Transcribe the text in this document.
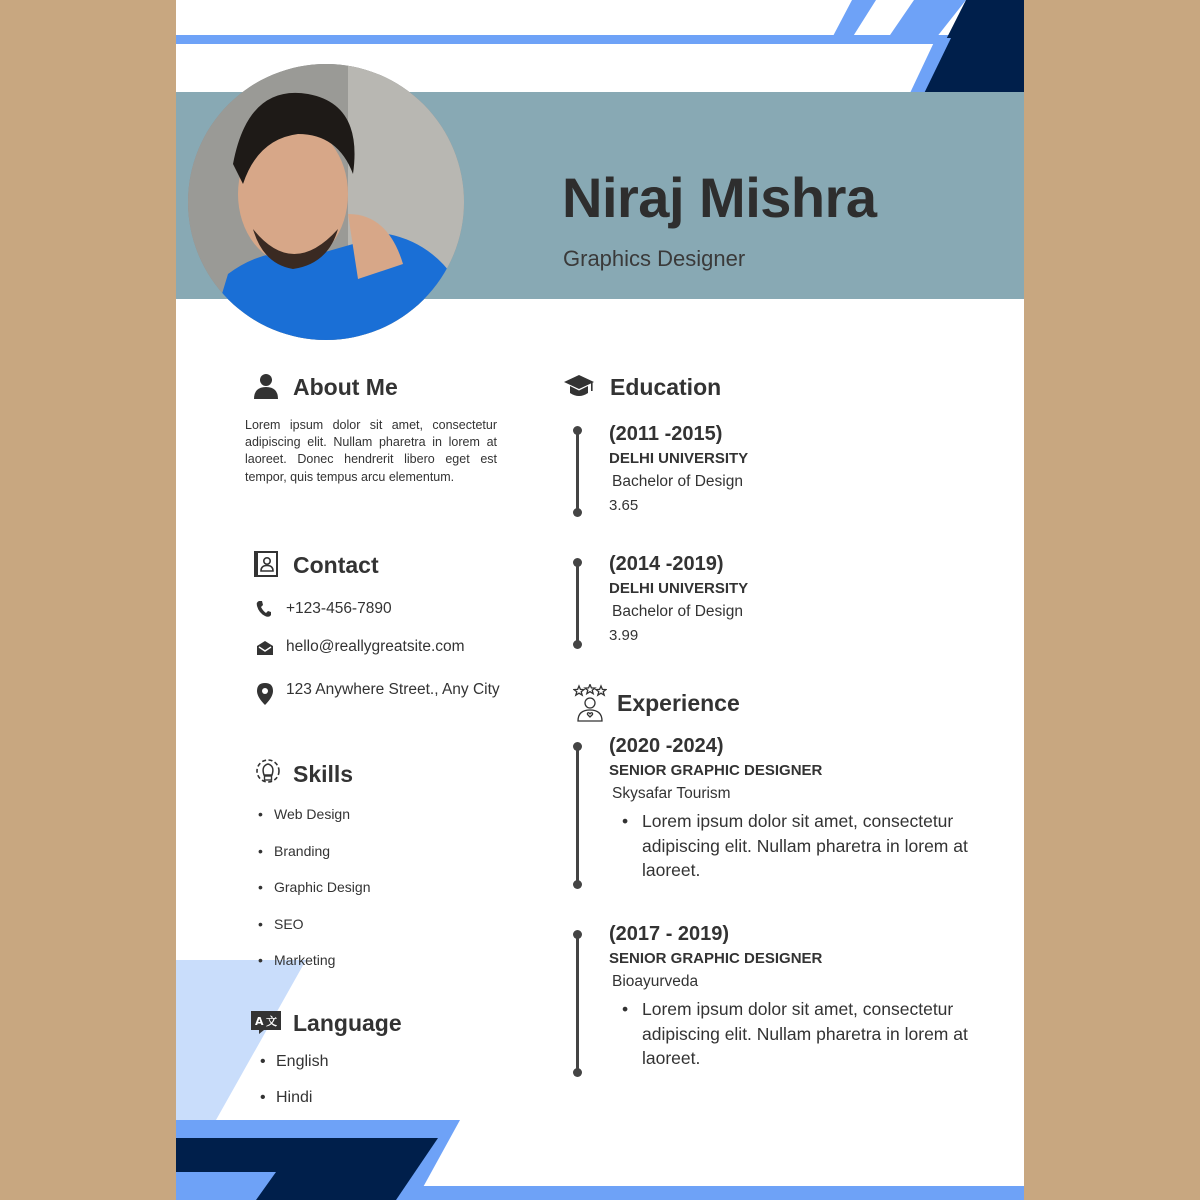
Niraj Mishra
Graphics Designer
About Me
Lorem ipsum dolor sit amet, consectetur adipiscing elit. Nullam pharetra in lorem at laoreet. Donec hendrerit libero eget est tempor, quis tempus arcu elementum.
Contact
+123-456-7890
hello@reallygreatsite.com
123 Anywhere Street., Any City
Skills
• Web Design
• Branding
• Graphic Design
• SEO
• Marketing
A 文 Language
• English
• Hindi
Education
(2011 -2015)
DELHI UNIVERSITY
Bachelor of Design
3.65
(2014 -2019)
DELHI UNIVERSITY
Bachelor of Design
3.99
Experience
(2020 -2024)
SENIOR GRAPHIC DESIGNER
Skysafar Tourism
• Lorem ipsum dolor sit amet, consectetur adipiscing elit. Nullam pharetra in lorem at laoreet.
(2017 - 2019)
SENIOR GRAPHIC DESIGNER
Bioayurveda
• Lorem ipsum dolor sit amet, consectetur adipiscing elit. Nullam pharetra in lorem at laoreet.
